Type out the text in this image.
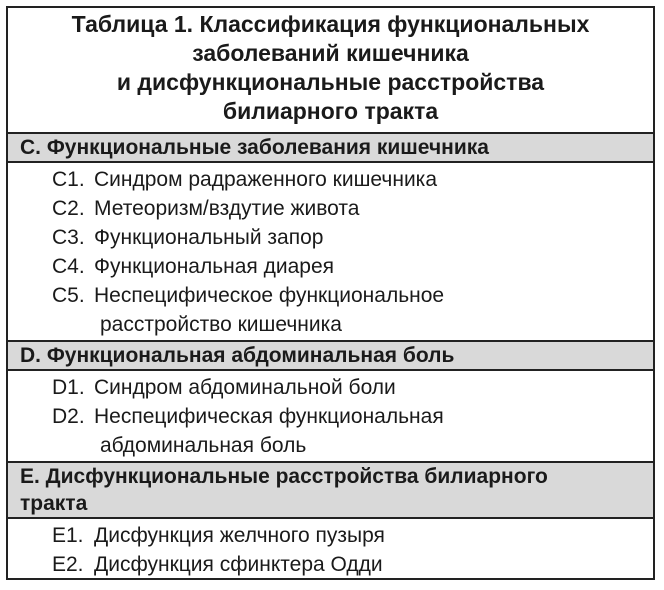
Таблица 1. Классификация функциональных
заболеваний кишечника
и дисфункциональные расстройства
билиарного тракта
C. Функциональные заболевания кишечника
C1. Синдром радраженного кишечника
C2. Метеоризм/вздутие живота
C3. Функциональный запор
C4. Функциональная диарея
C5. Неспецифическое функциональное
расстройство кишечника
D. Функциональная абдоминальная боль
D1. Синдром абдоминальной боли
D2. Неспецифическая функциональная
абдоминальная боль
E. Дисфункциональные расстройства билиарного
тракта
E1. Дисфункция желчного пузыря
E2. Дисфункция сфинктера Одди
